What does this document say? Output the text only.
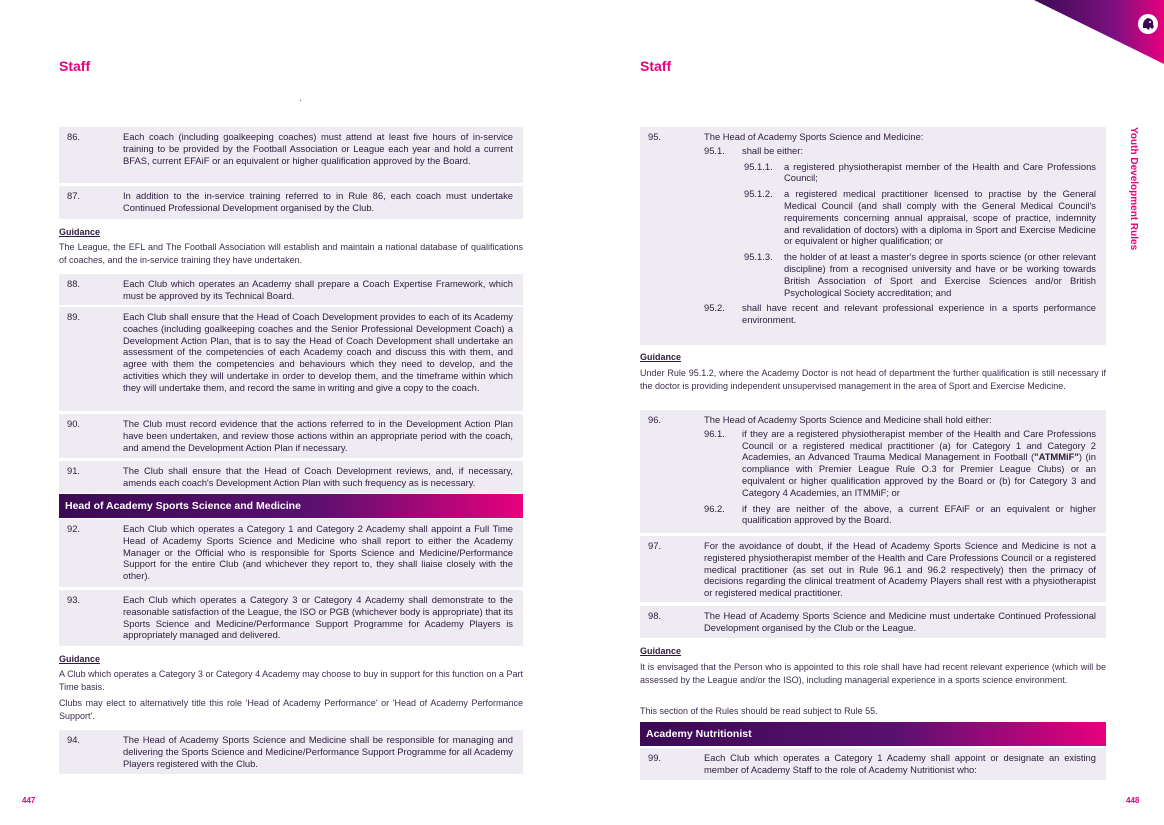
Staff
86.	Each coach (including goalkeeping coaches) must attend at least five hours of in-service training to be provided by the Football Association or League each year and hold a current BFAS, current EFAiF or an equivalent or higher qualification approved by the Board.
87.	In addition to the in-service training referred to in Rule 86, each coach must undertake Continued Professional Development organised by the Club.
Guidance
The League, the EFL and The Football Association will establish and maintain a national database of qualifications of coaches, and the in-service training they have undertaken.
88.	Each Club which operates an Academy shall prepare a Coach Expertise Framework, which must be approved by its Technical Board.
89.	Each Club shall ensure that the Head of Coach Development provides to each of its Academy coaches (including goalkeeping coaches and the Senior Professional Development Coach) a Development Action Plan, that is to say the Head of Coach Development shall undertake an assessment of the competencies of each Academy coach and discuss this with them, and agree with them the competencies and behaviours which they need to develop, and the activities which they will undertake in order to develop them, and the timeframe within which they will undertake them, and record the same in writing and give a copy to the coach.
90.	The Club must record evidence that the actions referred to in the Development Action Plan have been undertaken, and review those actions within an appropriate period with the coach, and amend the Development Action Plan if necessary.
91.	The Club shall ensure that the Head of Coach Development reviews, and, if necessary, amends each coach's Development Action Plan with such frequency as is necessary.
Head of Academy Sports Science and Medicine
92.	Each Club which operates a Category 1 and Category 2 Academy shall appoint a Full Time Head of Academy Sports Science and Medicine who shall report to either the Academy Manager or the Official who is responsible for Sports Science and Medicine/Performance Support for the entire Club (and whichever they report to, they shall liaise closely with the other).
93.	Each Club which operates a Category 3 or Category 4 Academy shall demonstrate to the reasonable satisfaction of the League, the ISO or PGB (whichever body is appropriate) that its Sports Science and Medicine/Performance Support Programme for Academy Players is appropriately managed and delivered.
Guidance
A Club which operates a Category 3 or Category 4 Academy may choose to buy in support for this function on a Part Time basis.
Clubs may elect to alternatively title this role 'Head of Academy Performance' or 'Head of Academy Performance Support'.
94.	The Head of Academy Sports Science and Medicine shall be responsible for managing and delivering the Sports Science and Medicine/Performance Support Programme for all Academy Players registered with the Club.
447
Staff
95.	The Head of Academy Sports Science and Medicine:
95.1.	shall be either:
95.1.1.	a registered physiotherapist member of the Health and Care Professions Council;
95.1.2.	a registered medical practitioner licensed to practise by the General Medical Council (and shall comply with the General Medical Council's requirements concerning annual appraisal, scope of practice, indemnity and revalidation of doctors) with a diploma in Sport and Exercise Medicine or equivalent or higher qualification; or
95.1.3.	the holder of at least a master's degree in sports science (or other relevant discipline) from a recognised university and have or be working towards British Association of Sport and Exercise Sciences and/or British Psychological Society accreditation; and
95.2.	shall have recent and relevant professional experience in a sports performance environment.
Guidance
Under Rule 95.1.2, where the Academy Doctor is not head of department the further qualification is still necessary if the doctor is providing independent unsupervised management in the area of Sport and Exercise Medicine.
96.	The Head of Academy Sports Science and Medicine shall hold either:
96.1.	if they are a registered physiotherapist member of the Health and Care Professions Council or a registered medical practitioner (a) for Category 1 and Category 2 Academies, an Advanced Trauma Medical Management in Football ("ATMMiF") (in compliance with Premier League Rule O.3 for Premier League Clubs) or an equivalent or higher qualification approved by the Board or (b) for Category 3 and Category 4 Academies, an ITMMiF; or
96.2.	if they are neither of the above, a current EFAiF or an equivalent or higher qualification approved by the Board.
97.	For the avoidance of doubt, if the Head of Academy Sports Science and Medicine is not a registered physiotherapist member of the Health and Care Professions Council or a registered medical practitioner (as set out in Rule 96.1 and 96.2 respectively) then the primacy of decisions regarding the clinical treatment of Academy Players shall rest with a physiotherapist or registered medical practitioner.
98.	The Head of Academy Sports Science and Medicine must undertake Continued Professional Development organised by the Club or the League.
Guidance
It is envisaged that the Person who is appointed to this role shall have had recent relevant experience (which will be assessed by the League and/or the ISO), including managerial experience in a sports science environment.
This section of the Rules should be read subject to Rule 55.
Academy Nutritionist
99.	Each Club which operates a Category 1 Academy shall appoint or designate an existing member of Academy Staff to the role of Academy Nutritionist who:
448
Youth Development Rules
